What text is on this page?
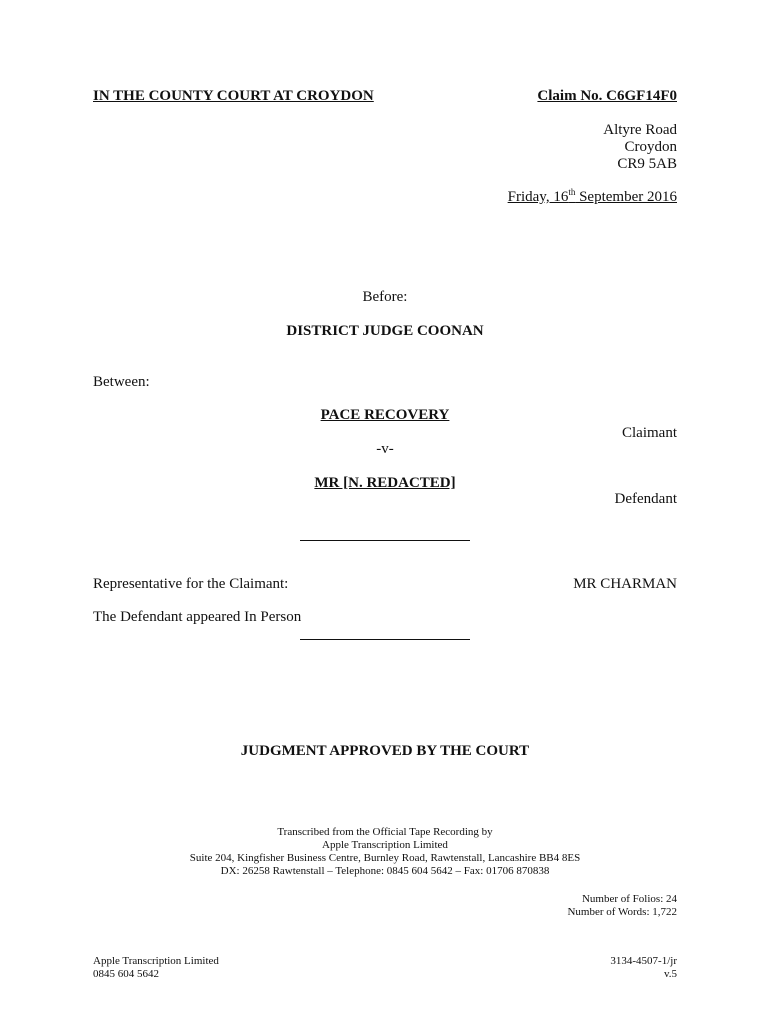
IN THE COUNTY COURT AT CROYDON	Claim No. C6GF14F0
Altyre Road
Croydon
CR9 5AB
Friday, 16th September 2016
Before:
DISTRICT JUDGE COONAN
Between:
PACE RECOVERY
Claimant
-v-
MR [N. REDACTED]
Defendant
Representative for the Claimant:	MR CHARMAN
The Defendant appeared In Person
JUDGMENT APPROVED BY THE COURT
Transcribed from the Official Tape Recording by
Apple Transcription Limited
Suite 204, Kingfisher Business Centre, Burnley Road, Rawtenstall, Lancashire BB4 8ES
DX: 26258 Rawtenstall – Telephone: 0845 604 5642 – Fax: 01706 870838
Number of Folios: 24
Number of Words: 1,722
Apple Transcription Limited
0845 604 5642
3134-4507-1/jr
v.5
